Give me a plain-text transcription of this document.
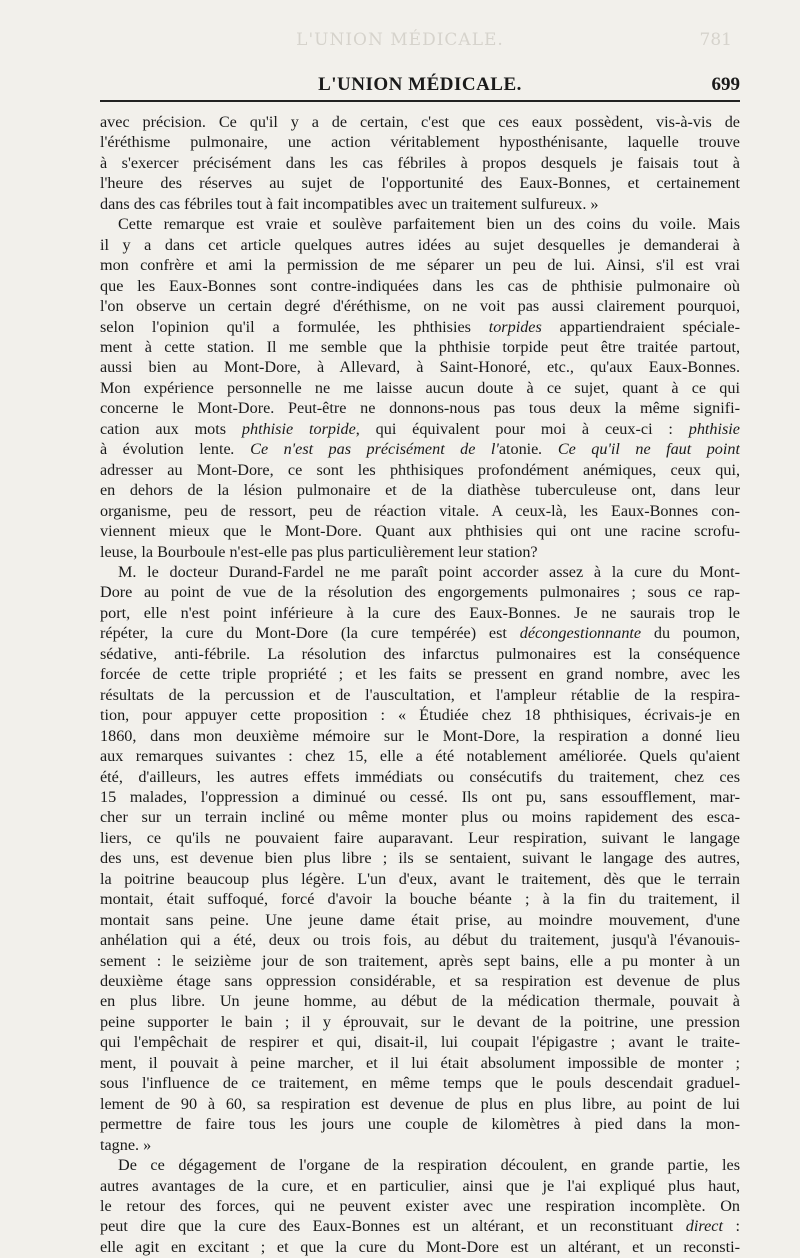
L'UNION MÉDICALE.	781
L'UNION MÉDICALE.	699
avec précision. Ce qu'il y a de certain, c'est que ces eaux possèdent, vis-à-vis de
l'éréthisme pulmonaire, une action véritablement hyposthénisante, laquelle trouve
à s'exercer précisément dans les cas fébriles à propos desquels je faisais tout à
l'heure des réserves au sujet de l'opportunité des Eaux-Bonnes, et certainement
dans des cas fébriles tout à fait incompatibles avec un traitement sulfureux. »
Cette remarque est vraie et soulève parfaitement bien un des coins du voile. Mais
il y a dans cet article quelques autres idées au sujet desquelles je demanderai à
mon confrère et ami la permission de me séparer un peu de lui. Ainsi, s'il est vrai
que les Eaux-Bonnes sont contre-indiquées dans les cas de phthisie pulmonaire où
l'on observe un certain degré d'éréthisme, on ne voit pas aussi clairement pourquoi,
selon l'opinion qu'il a formulée, les phthisies torpides appartiendraient spéciale-
ment à cette station. Il me semble que la phthisie torpide peut être traitée partout,
aussi bien au Mont-Dore, à Allevard, à Saint-Honoré, etc., qu'aux Eaux-Bonnes.
Mon expérience personnelle ne me laisse aucun doute à ce sujet, quant à ce qui
concerne le Mont-Dore. Peut-être ne donnons-nous pas tous deux la même signifi-
cation aux mots phthisie torpide, qui équivalent pour moi à ceux-ci : phthisie
à évolution lente. Ce n'est pas précisément de l'atonie. Ce qu'il ne faut point
adresser au Mont-Dore, ce sont les phthisiques profondément anémiques, ceux qui,
en dehors de la lésion pulmonaire et de la diathèse tuberculeuse ont, dans leur
organisme, peu de ressort, peu de réaction vitale. A ceux-là, les Eaux-Bonnes con-
viennent mieux que le Mont-Dore. Quant aux phthisies qui ont une racine scrofu-
leuse, la Bourboule n'est-elle pas plus particulièrement leur station?
M. le docteur Durand-Fardel ne me paraît point accorder assez à la cure du Mont-
Dore au point de vue de la résolution des engorgements pulmonaires ; sous ce rap-
port, elle n'est point inférieure à la cure des Eaux-Bonnes. Je ne saurais trop le
répéter, la cure du Mont-Dore (la cure tempérée) est décongestionnante du poumon,
sédative, anti-fébrile. La résolution des infarctus pulmonaires est la conséquence
forcée de cette triple propriété ; et les faits se pressent en grand nombre, avec les
résultats de la percussion et de l'auscultation, et l'ampleur rétablie de la respira-
tion, pour appuyer cette proposition : « Étudiée chez 18 phthisiques, écrivais-je en
1860, dans mon deuxième mémoire sur le Mont-Dore, la respiration a donné lieu
aux remarques suivantes : chez 15, elle a été notablement améliorée. Quels qu'aient
été, d'ailleurs, les autres effets immédiats ou consécutifs du traitement, chez ces
15 malades, l'oppression a diminué ou cessé. Ils ont pu, sans essoufflement, mar-
cher sur un terrain incliné ou même monter plus ou moins rapidement des esca-
liers, ce qu'ils ne pouvaient faire auparavant. Leur respiration, suivant le langage
des uns, est devenue bien plus libre ; ils se sentaient, suivant le langage des autres,
la poitrine beaucoup plus légère. L'un d'eux, avant le traitement, dès que le terrain
montait, était suffoqué, forcé d'avoir la bouche béante ; à la fin du traitement, il
montait sans peine. Une jeune dame était prise, au moindre mouvement, d'une
anhélation qui a été, deux ou trois fois, au début du traitement, jusqu'à l'évanouis-
sement : le seizième jour de son traitement, après sept bains, elle a pu monter à un
deuxième étage sans oppression considérable, et sa respiration est devenue de plus
en plus libre. Un jeune homme, au début de la médication thermale, pouvait à
peine supporter le bain ; il y éprouvait, sur le devant de la poitrine, une pression
qui l'empêchait de respirer et qui, disait-il, lui coupait l'épigastre ; avant le traite-
ment, il pouvait à peine marcher, et il lui était absolument impossible de monter ;
sous l'influence de ce traitement, en même temps que le pouls descendait graduel-
lement de 90 à 60, sa respiration est devenue de plus en plus libre, au point de lui
permettre de faire tous les jours une couple de kilomètres à pied dans la mon-
tagne. »
De ce dégagement de l'organe de la respiration découlent, en grande partie, les
autres avantages de la cure, et en particulier, ainsi que je l'ai expliqué plus haut,
le retour des forces, qui ne peuvent exister avec une respiration incomplète. On
peut dire que la cure des Eaux-Bonnes est un altérant, et un reconstituant direct :
elle agit en excitant ; et que la cure du Mont-Dore est un altérant, et un reconsti-
